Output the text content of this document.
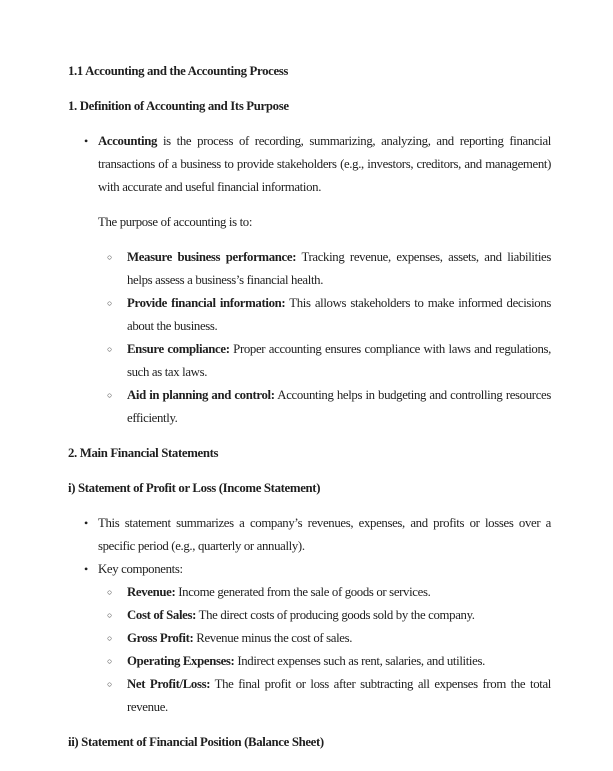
1.1 Accounting and the Accounting Process
1. Definition of Accounting and Its Purpose
• Accounting is the process of recording, summarizing, analyzing, and reporting financial transactions of a business to provide stakeholders (e.g., investors, creditors, and management) with accurate and useful financial information.

The purpose of accounting is to:

○	Measure business performance: Tracking revenue, expenses, assets, and liabilities helps assess a business’s financial health.

○	Provide financial information: This allows stakeholders to make informed decisions about the business.

○	Ensure compliance: Proper accounting ensures compliance with laws and regulations, such as tax laws.

○	Aid in planning and control: Accounting helps in budgeting and controlling resources efficiently.

2. Main Financial Statements
i) Statement of Profit or Loss (Income Statement)
• This statement summarizes a company’s revenues, expenses, and profits or losses over a specific period (e.g., quarterly or annually).

• Key components:

○	Revenue: Income generated from the sale of goods or services.

○	Cost of Sales: The direct costs of producing goods sold by the company.

○	Gross Profit: Revenue minus the cost of sales.

○	Operating Expenses: Indirect expenses such as rent, salaries, and utilities.

○	Net Profit/Loss: The final profit or loss after subtracting all expenses from the total revenue.

ii) Statement of Financial Position (Balance Sheet)
